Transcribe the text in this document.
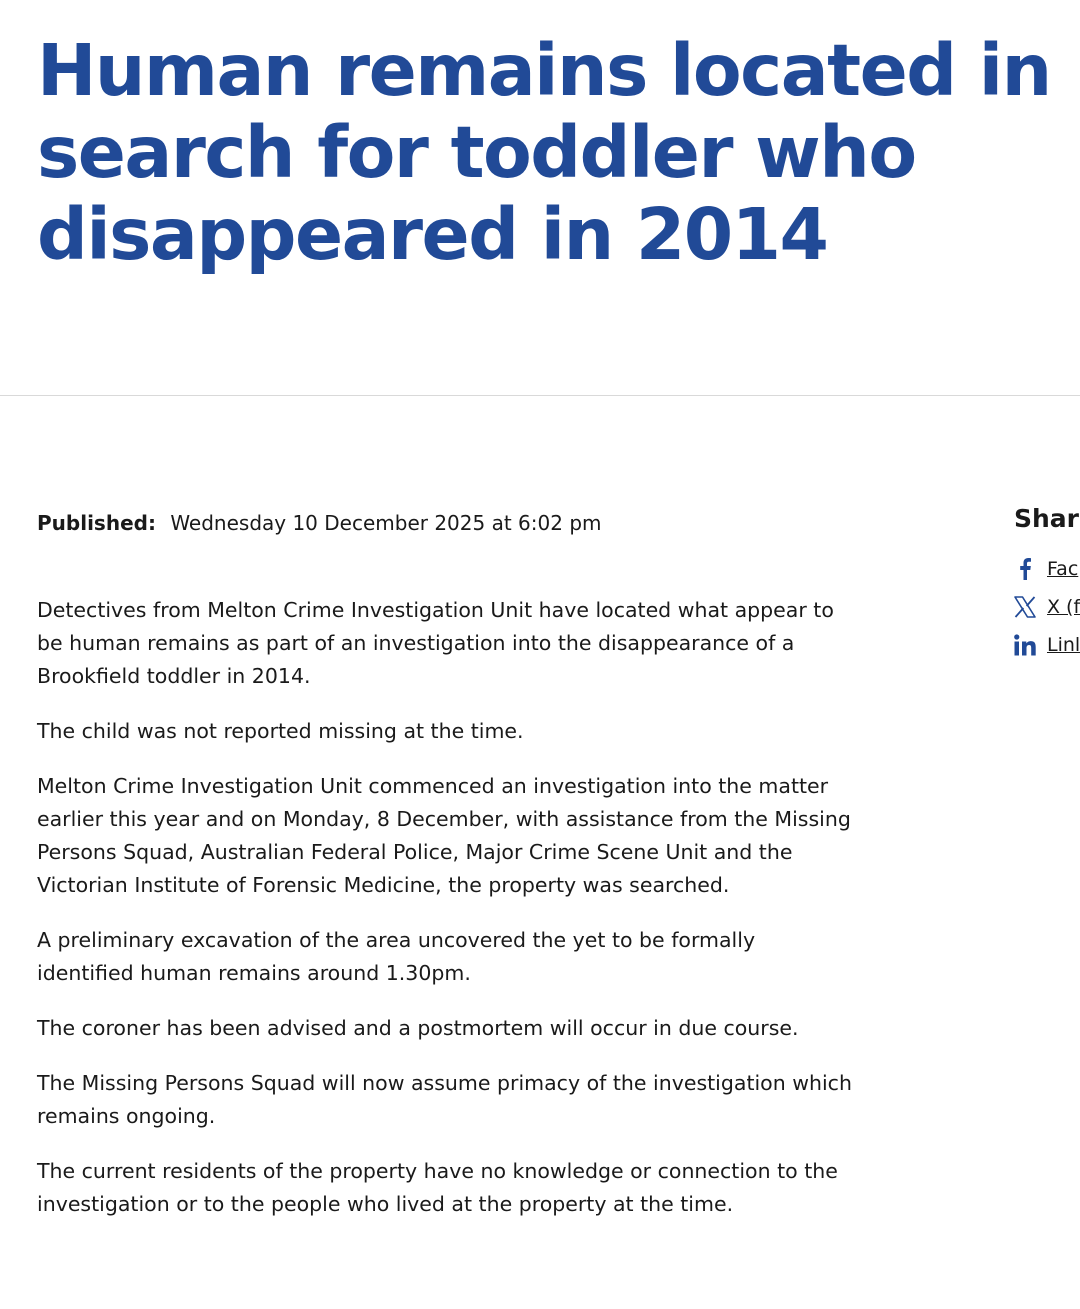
Human remains located in
search for toddler who
disappeared in 2014
Published: Wednesday 10 December 2025 at 6:02 pm

Detectives from Melton Crime Investigation Unit have located what appear to be human remains as part of an investigation into the disappearance of a Brookfield toddler in 2014.

The child was not reported missing at the time.

Melton Crime Investigation Unit commenced an investigation into the matter earlier this year and on Monday, 8 December, with assistance from the Missing Persons Squad, Australian Federal Police, Major Crime Scene Unit and the Victorian Institute of Forensic Medicine, the property was searched.

A preliminary excavation of the area uncovered the yet to be formally identified human remains around 1.30pm.

The coroner has been advised and a postmortem will occur in due course.

The Missing Persons Squad will now assume primacy of the investigation which remains ongoing.

The current residents of the property have no knowledge or connection to the investigation or to the people who lived at the property at the time.

Shar
Fac
X (f
Linl
